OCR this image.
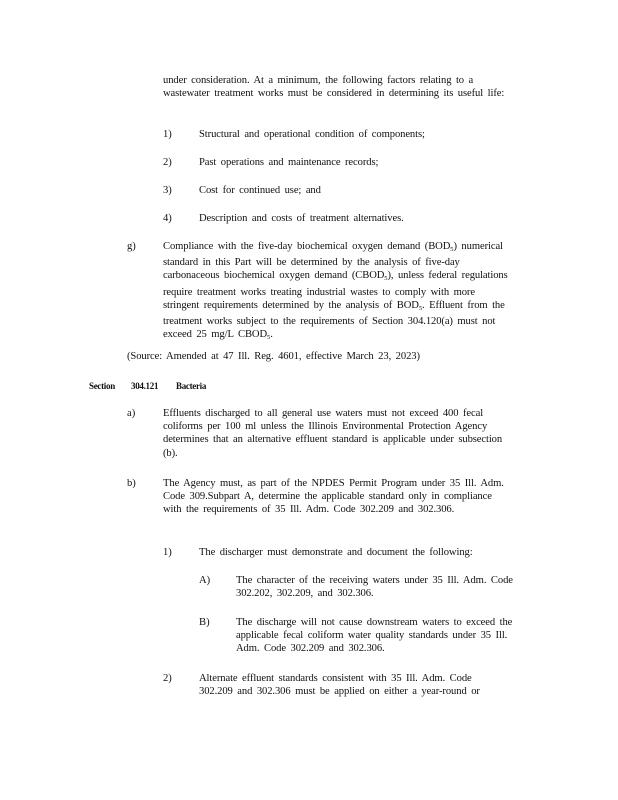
under consideration. At a minimum, the following factors relating to a wastewater treatment works must be considered in determining its useful life:
1)	Structural and operational condition of components;
2)	Past operations and maintenance records;
3)	Cost for continued use; and
4)	Description and costs of treatment alternatives.
g)	Compliance with the five-day biochemical oxygen demand $(BOD_5)$ numerical standard in this Part will be determined by the analysis of five-day carbonaceous biochemical oxygen demand $(CBOD_5)$, unless federal regulations require treatment works treating industrial wastes to comply with more stringent requirements determined by the analysis of $BOD_5$. Effluent from the treatment works subject to the requirements of Section 304.120(a) must not exceed 25 mg/L $CBOD_5$.
(Source: Amended at 47 Ill. Reg. 4601, effective March 23, 2023)
Section 304.121 Bacteria
a)	Effluents discharged to all general use waters must not exceed 400 fecal coliforms per 100 ml unless the Illinois Environmental Protection Agency determines that an alternative effluent standard is applicable under subsection (b).
b)	The Agency must, as part of the NPDES Permit Program under 35 Ill. Adm. Code 309.Subpart A, determine the applicable standard only in compliance with the requirements of 35 Ill. Adm. Code 302.209 and 302.306.
1)	The discharger must demonstrate and document the following:
A) The character of the receiving waters under 35 Ill. Adm. Code 302.202, 302.209, and 302.306.
B) The discharge will not cause downstream waters to exceed the applicable fecal coliform water quality standards under 35 Ill. Adm. Code 302.209 and 302.306.
2)	Alternate effluent standards consistent with 35 Ill. Adm. Code 302.209 and 302.306 must be applied on either a year-round or
